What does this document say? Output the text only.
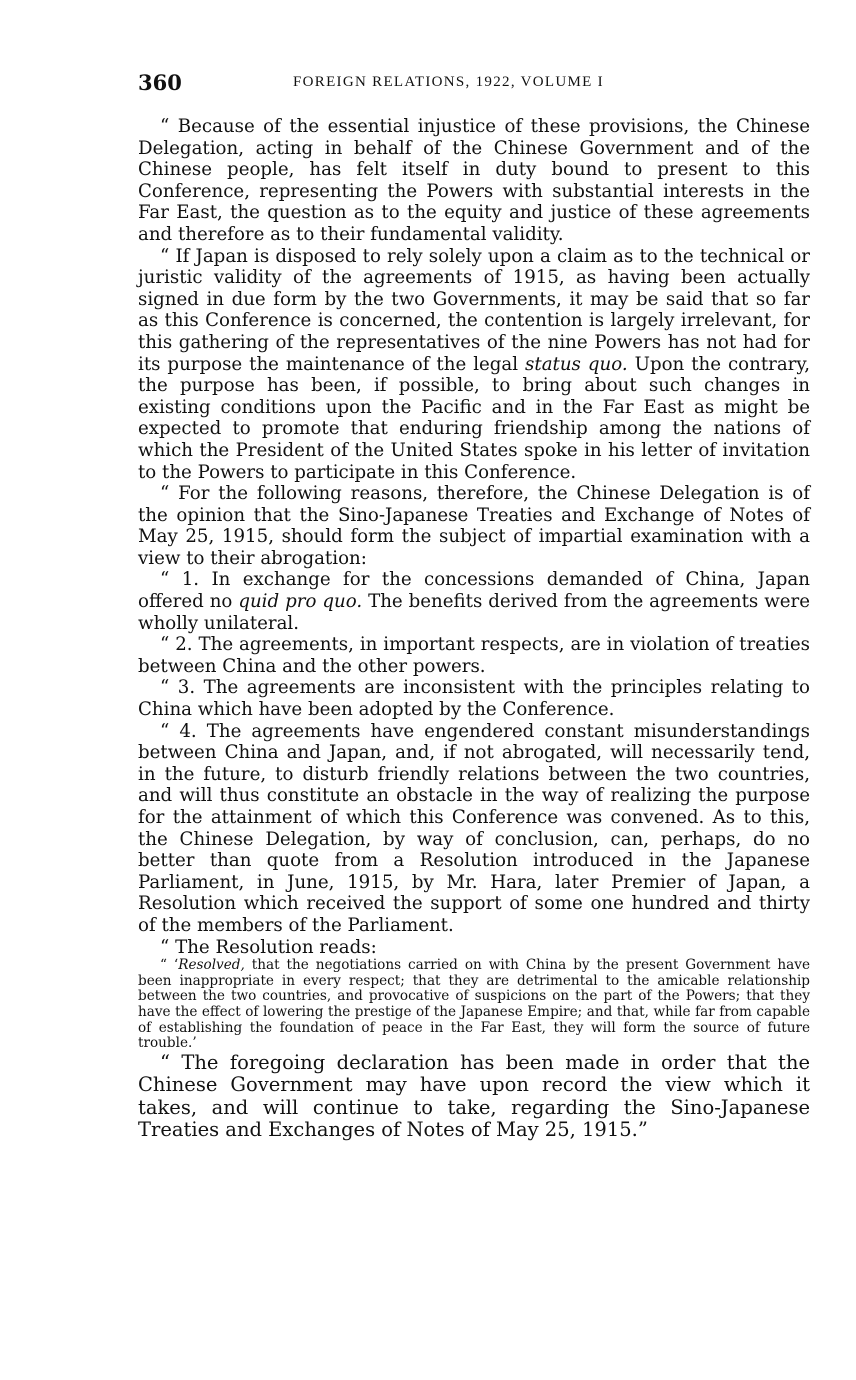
360	FOREIGN RELATIONS, 1922, VOLUME I

“ Because of the essential injustice of these provisions, the Chinese Delegation, acting in behalf of the Chinese Government and of the Chinese people, has felt itself in duty bound to present to this Conference, representing the Powers with substantial interests in the Far East, the question as to the equity and justice of these agreements and therefore as to their fundamental validity.

“ If Japan is disposed to rely solely upon a claim as to the technical or juristic validity of the agreements of 1915, as having been actually signed in due form by the two Governments, it may be said that so far as this Conference is concerned, the contention is largely irrelevant, for this gathering of the representatives of the nine Powers has not had for its purpose the maintenance of the legal status quo. Upon the contrary, the purpose has been, if possible, to bring about such changes in existing conditions upon the Pacific and in the Far East as might be expected to promote that enduring friendship among the nations of which the President of the United States spoke in his letter of invitation to the Powers to participate in this Conference.

“ For the following reasons, therefore, the Chinese Delegation is of the opinion that the Sino-Japanese Treaties and Exchange of Notes of May 25, 1915, should form the subject of impartial examination with a view to their abrogation:

“ 1. In exchange for the concessions demanded of China, Japan offered no quid pro quo. The benefits derived from the agreements were wholly unilateral.

“ 2. The agreements, in important respects, are in violation of treaties between China and the other powers.

“ 3. The agreements are inconsistent with the principles relating to China which have been adopted by the Conference.

“ 4. The agreements have engendered constant misunderstandings between China and Japan, and, if not abrogated, will necessarily tend, in the future, to disturb friendly relations between the two countries, and will thus constitute an obstacle in the way of realizing the purpose for the attainment of which this Conference was convened. As to this, the Chinese Delegation, by way of conclusion, can, perhaps, do no better than quote from a Resolution introduced in the Japanese Parliament, in June, 1915, by Mr. Hara, later Premier of Japan, a Resolution which received the support of some one hundred and thirty of the members of the Parliament.

“ The Resolution reads:

“ ‘Resolved, that the negotiations carried on with China by the present Government have been inappropriate in every respect; that they are detrimental to the amicable relationship between the two countries, and provocative of suspicions on the part of the Powers; that they have the effect of lowering the prestige of the Japanese Empire; and that, while far from capable of establishing the foundation of peace in the Far East, they will form the source of future trouble.’

“ The foregoing declaration has been made in order that the Chinese Government may have upon record the view which it takes, and will continue to take, regarding the Sino-Japanese Treaties and Exchanges of Notes of May 25, 1915.”
